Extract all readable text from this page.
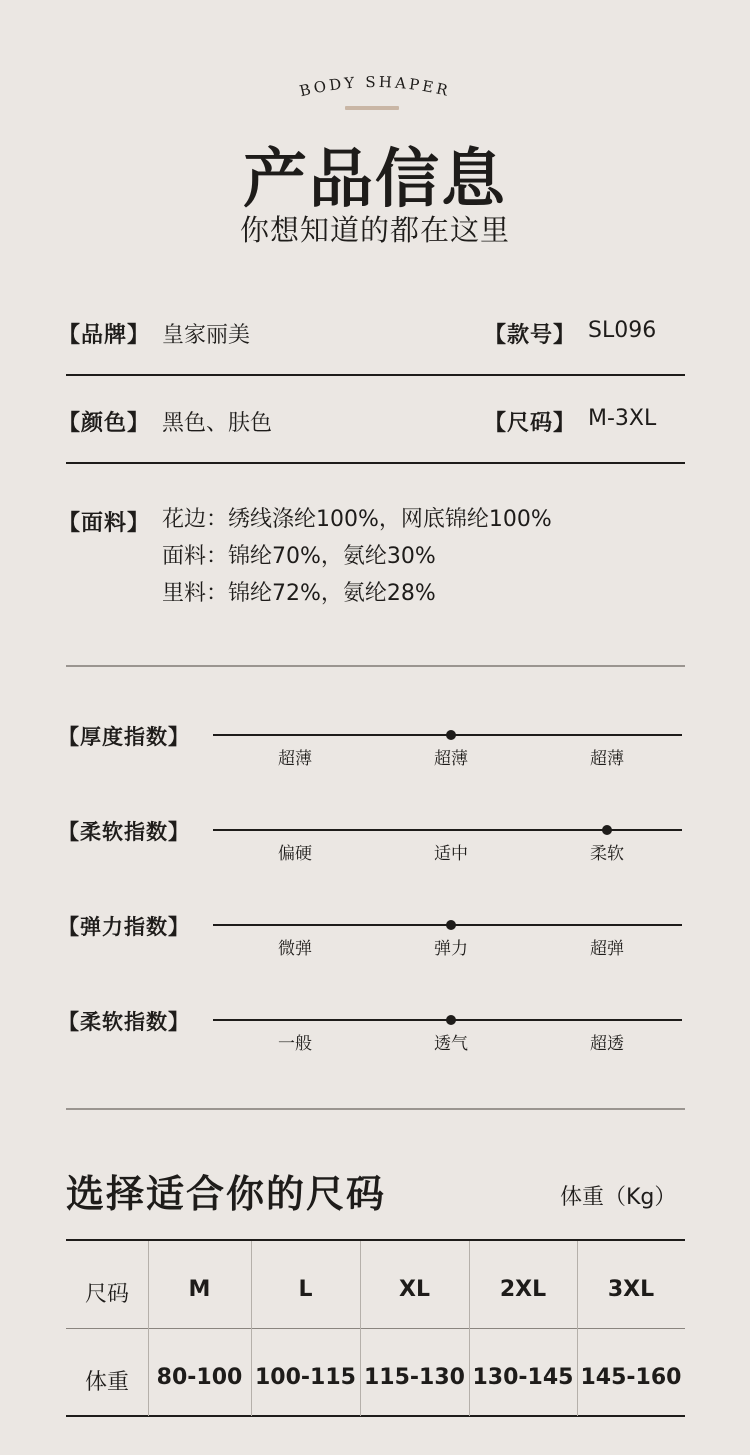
BODY SHAPER
产品信息
你想知道的都在这里
【品牌】 皇家丽美	【款号】 SL096
【颜色】 黑色、肤色	【尺码】 M-3XL
【面料】 花边：绣线涤纶100%，网底锦纶100%
面料：锦纶70%，氨纶30%
里料：锦纶72%，氨纶28%
【厚度指数】
超薄	超薄	超薄
【柔软指数】
偏硬	适中	柔软
【弹力指数】
微弹	弹力	超弹
【柔软指数】
一般	透气	超透
选择适合你的尺码	体重（Kg）
尺码	M	L	XL	2XL	3XL
体重	80-100 100-115 115-130 130-145 145-160
